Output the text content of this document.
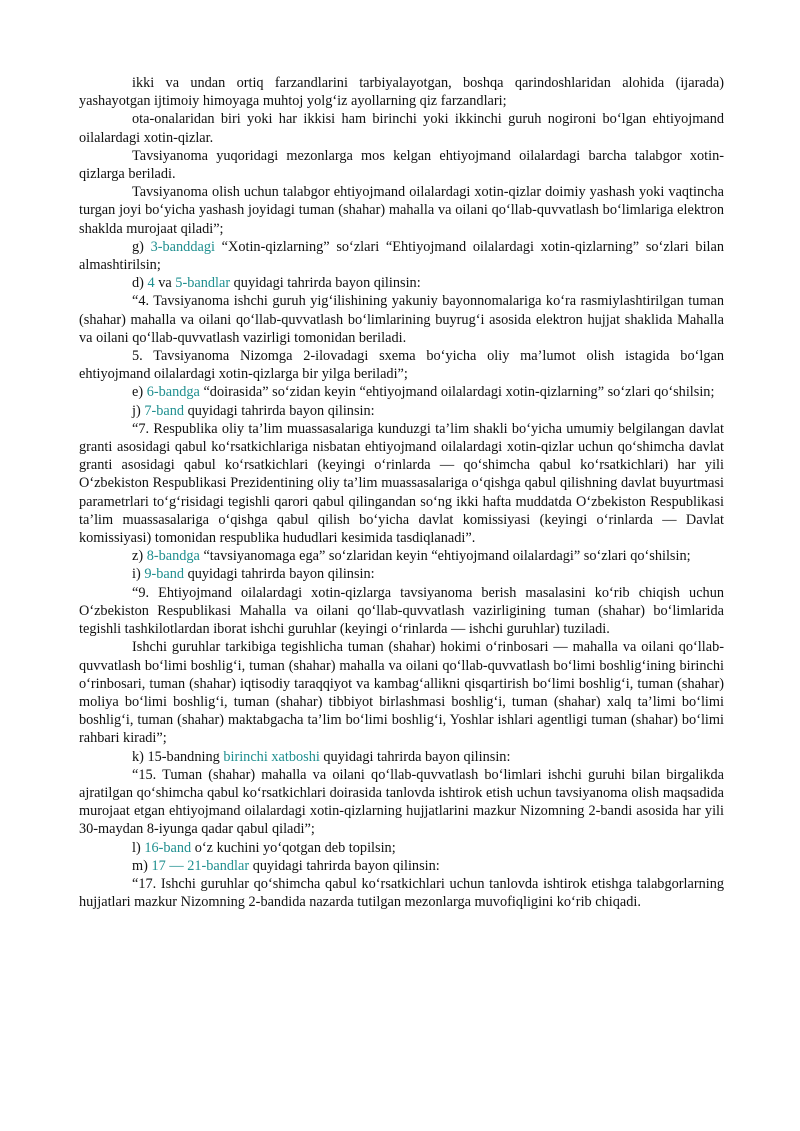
ikki va undan ortiq farzandlarini tarbiyalayotgan, boshqa qarindoshlaridan alohida (ijarada) yashayotgan ijtimoiy himoyaga muhtoj yolg‘iz ayollarning qiz farzandlari;

ota-onalaridan biri yoki har ikkisi ham birinchi yoki ikkinchi guruh nogironi bo‘lgan ehtiyojmand oilalardagi xotin-qizlar.

Tavsiyanoma yuqoridagi mezonlarga mos kelgan ehtiyojmand oilalardagi barcha talabgor xotin-qizlarga beriladi.

Tavsiyanoma olish uchun talabgor ehtiyojmand oilalardagi xotin-qizlar doimiy yashash yoki vaqtincha turgan joyi bo‘yicha yashash joyidagi tuman (shahar) mahalla va oilani qo‘llab-quvvatlash bo‘limlariga elektron shaklda murojaat qiladi”;

g) 3-banddagi “Xotin-qizlarning” so‘zlari “Ehtiyojmand oilalardagi xotin-qizlarning” so‘zlari bilan almashtirilsin;

d) 4 va 5-bandlar quyidagi tahrirda bayon qilinsin:

“4. Tavsiyanoma ishchi guruh yig‘ilishining yakuniy bayonnomalariga ko‘ra rasmiylashtirilgan tuman (shahar) mahalla va oilani qo‘llab-quvvatlash bo‘limlarining buyrug‘i asosida elektron hujjat shaklida Mahalla va oilani qo‘llab-quvvatlash vazirligi tomonidan beriladi.

5. Tavsiyanoma Nizomga 2-ilovadagi sxema bo‘yicha oliy ma’lumot olish istagida bo‘lgan ehtiyojmand oilalardagi xotin-qizlarga bir yilga beriladi”;

e) 6-bandga “doirasida” so‘zidan keyin “ehtiyojmand oilalardagi xotin-qizlarning” so‘zlari qo‘shilsin;

j) 7-band quyidagi tahrirda bayon qilinsin:

“7. Respublika oliy ta’lim muassasalariga kunduzgi ta’lim shakli bo‘yicha umumiy belgilangan davlat granti asosidagi qabul ko‘rsatkichlariga nisbatan ehtiyojmand oilalardagi xotin-qizlar uchun qo‘shimcha davlat granti asosidagi qabul ko‘rsatkichlari (keyingi o‘rinlarda — qo‘shimcha qabul ko‘rsatkichlari) har yili O‘zbekiston Respublikasi Prezidentining oliy ta’lim muassasalariga o‘qishga qabul qilishning davlat buyurtmasi parametrlari to‘g‘risidagi tegishli qarori qabul qilingandan so‘ng ikki hafta muddatda O‘zbekiston Respublikasi ta’lim muassasalariga o‘qishga qabul qilish bo‘yicha davlat komissiyasi (keyingi o‘rinlarda — Davlat komissiyasi) tomonidan respublika hududlari kesimida tasdiqlanadi”.

z) 8-bandga “tavsiyanomaga ega” so‘zlaridan keyin “ehtiyojmand oilalardagi” so‘zlari qo‘shilsin;

i) 9-band quyidagi tahrirda bayon qilinsin:

“9. Ehtiyojmand oilalardagi xotin-qizlarga tavsiyanoma berish masalasini ko‘rib chiqish uchun O‘zbekiston Respublikasi Mahalla va oilani qo‘llab-quvvatlash vazirligining tuman (shahar) bo‘limlarida tegishli tashkilotlardan iborat ishchi guruhlar (keyingi o‘rinlarda — ishchi guruhlar) tuziladi.

Ishchi guruhlar tarkibiga tegishlicha tuman (shahar) hokimi o‘rinbosari — mahalla va oilani qo‘llab-quvvatlash bo‘limi boshlig‘i, tuman (shahar) mahalla va oilani qo‘llab-quvvatlash bo‘limi boshlig‘ining birinchi o‘rinbosari, tuman (shahar) iqtisodiy taraqqiyot va kambag‘allikni qisqartirish bo‘limi boshlig‘i, tuman (shahar) moliya bo‘limi boshlig‘i, tuman (shahar) tibbiyot birlashmasi boshlig‘i, tuman (shahar) xalq ta’limi bo‘limi boshlig‘i, tuman (shahar) maktabgacha ta’lim bo‘limi boshlig‘i, Yoshlar ishlari agentligi tuman (shahar) bo‘limi rahbari kiradi”;

k) 15-bandning birinchi xatboshi quyidagi tahrirda bayon qilinsin:

“15. Tuman (shahar) mahalla va oilani qo‘llab-quvvatlash bo‘limlari ishchi guruhi bilan birgalikda ajratilgan qo‘shimcha qabul ko‘rsatkichlari doirasida tanlovda ishtirok etish uchun tavsiyanoma olish maqsadida murojaat etgan ehtiyojmand oilalardagi xotin-qizlarning hujjatlarini mazkur Nizomning 2-bandi asosida har yili 30-maydan 8-iyunga qadar qabul qiladi”;

l) 16-band o‘z kuchini yo‘qotgan deb topilsin;

m) 17 — 21-bandlar quyidagi tahrirda bayon qilinsin:

“17. Ishchi guruhlar qo‘shimcha qabul ko‘rsatkichlari uchun tanlovda ishtirok etishga talabgorlarning hujjatlari mazkur Nizomning 2-bandida nazarda tutilgan mezonlarga muvofiqligini ko‘rib chiqadi.
